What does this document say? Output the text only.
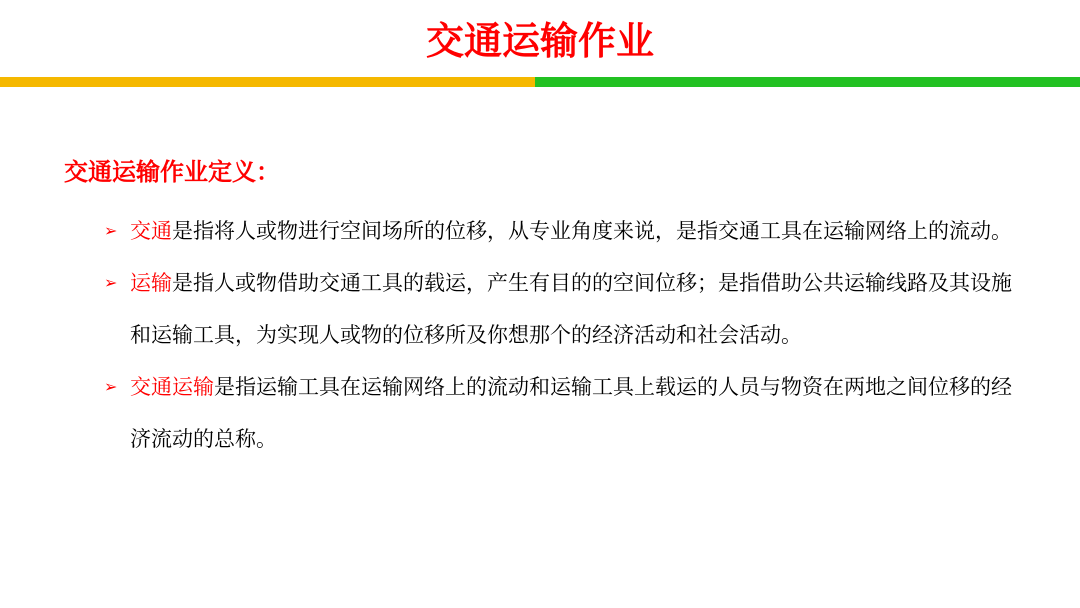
交通运输作业
交通运输作业定义：
➢ 交通是指将人或物进行空间场所的位移，从专业角度来说，是指交通工具在运输网络上的流动。
➢ 运输是指人或物借助交通工具的载运，产生有目的的空间位移；是指借助公共运输线路及其设施和运输工具，为实现人或物的位移所及你想那个的经济活动和社会活动。
➢ 交通运输是指运输工具在运输网络上的流动和运输工具上载运的人员与物资在两地之间位移的经济流动的总称。
